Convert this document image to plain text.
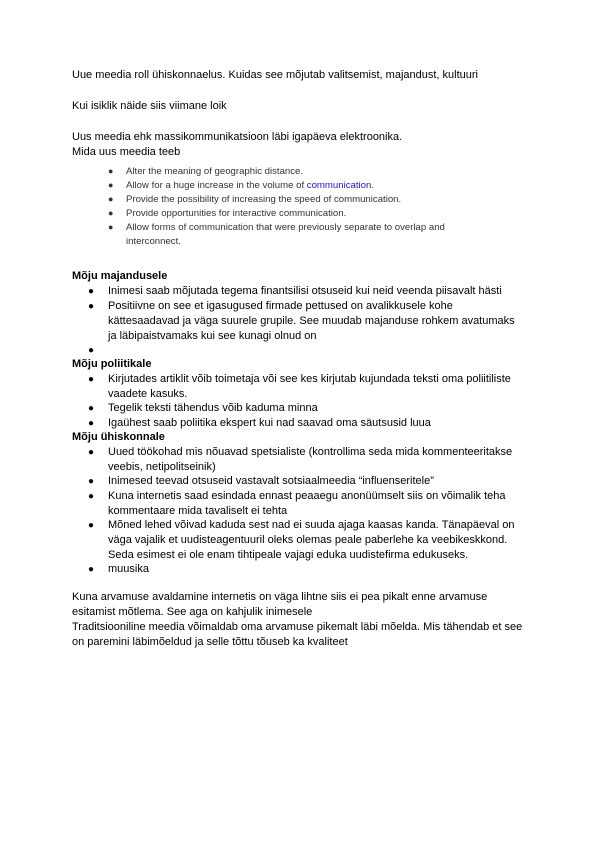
Uue meedia roll ühiskonnaelus. Kuidas see mõjutab valitsemist, majandust, kultuuri

Kui isiklik näide siis viimane loik

Uus meedia ehk massikommunikatsioon läbi igapäeva elektroonika.

Mida uus meedia teeb

● Alter the meaning of geographic distance.
● Allow for a huge increase in the volume of communication.
● Provide the possibility of increasing the speed of communication.
● Provide opportunities for interactive communication.
● Allow forms of communication that were previously separate to overlap and
interconnect.

Mõju majandusele

● Inimesi saab mõjutada tegema finantsilisi otsuseid kui neid veenda piisavalt hästi
● Positiivne on see et igasugused firmade pettused on avalikkusele kohe
kättesaadavad ja väga suurele grupile. See muudab majanduse rohkem avatumaks
ja läbipaistvamaks kui see kunagi olnud on
●

Mõju poliitikale

● Kirjutades artiklit võib toimetaja või see kes kirjutab kujundada teksti oma poliitiliste
vaadete kasuks.
● Tegelik teksti tähendus võib kaduma minna
● Igaühest saab poliitika ekspert kui nad saavad oma säutsusid luua

Mõju ühiskonnale

● Uued töökohad mis nõuavad spetsialiste (kontrollima seda mida kommenteeritakse
veebis, netipolitseinik)
● Inimesed teevad otsuseid vastavalt sotsiaalmeedia “influenseritele”
● Kuna internetis saad esindada ennast peaaegu anonüümselt siis on võimalik teha
kommentaare mida tavaliselt ei tehta
● Mõned lehed võivad kaduda sest nad ei suuda ajaga kaasas kanda. Tänapäeval on
väga vajalik et uudisteagentuuril oleks olemas peale paberlehe ka veebikeskkond.
Seda esimest ei ole enam tihtipeale vajagi eduka uudistefirma edukuseks.
● muusika

Kuna arvamuse avaldamine internetis on väga lihtne siis ei pea pikalt enne arvamuse

esitamist mõtlema. See aga on kahjulik inimesele

Traditsiooniline meedia võimaldab oma arvamuse pikemalt läbi mõelda. Mis tähendab et see

on paremini läbimõeldud ja selle tõttu tõuseb ka kvaliteet
